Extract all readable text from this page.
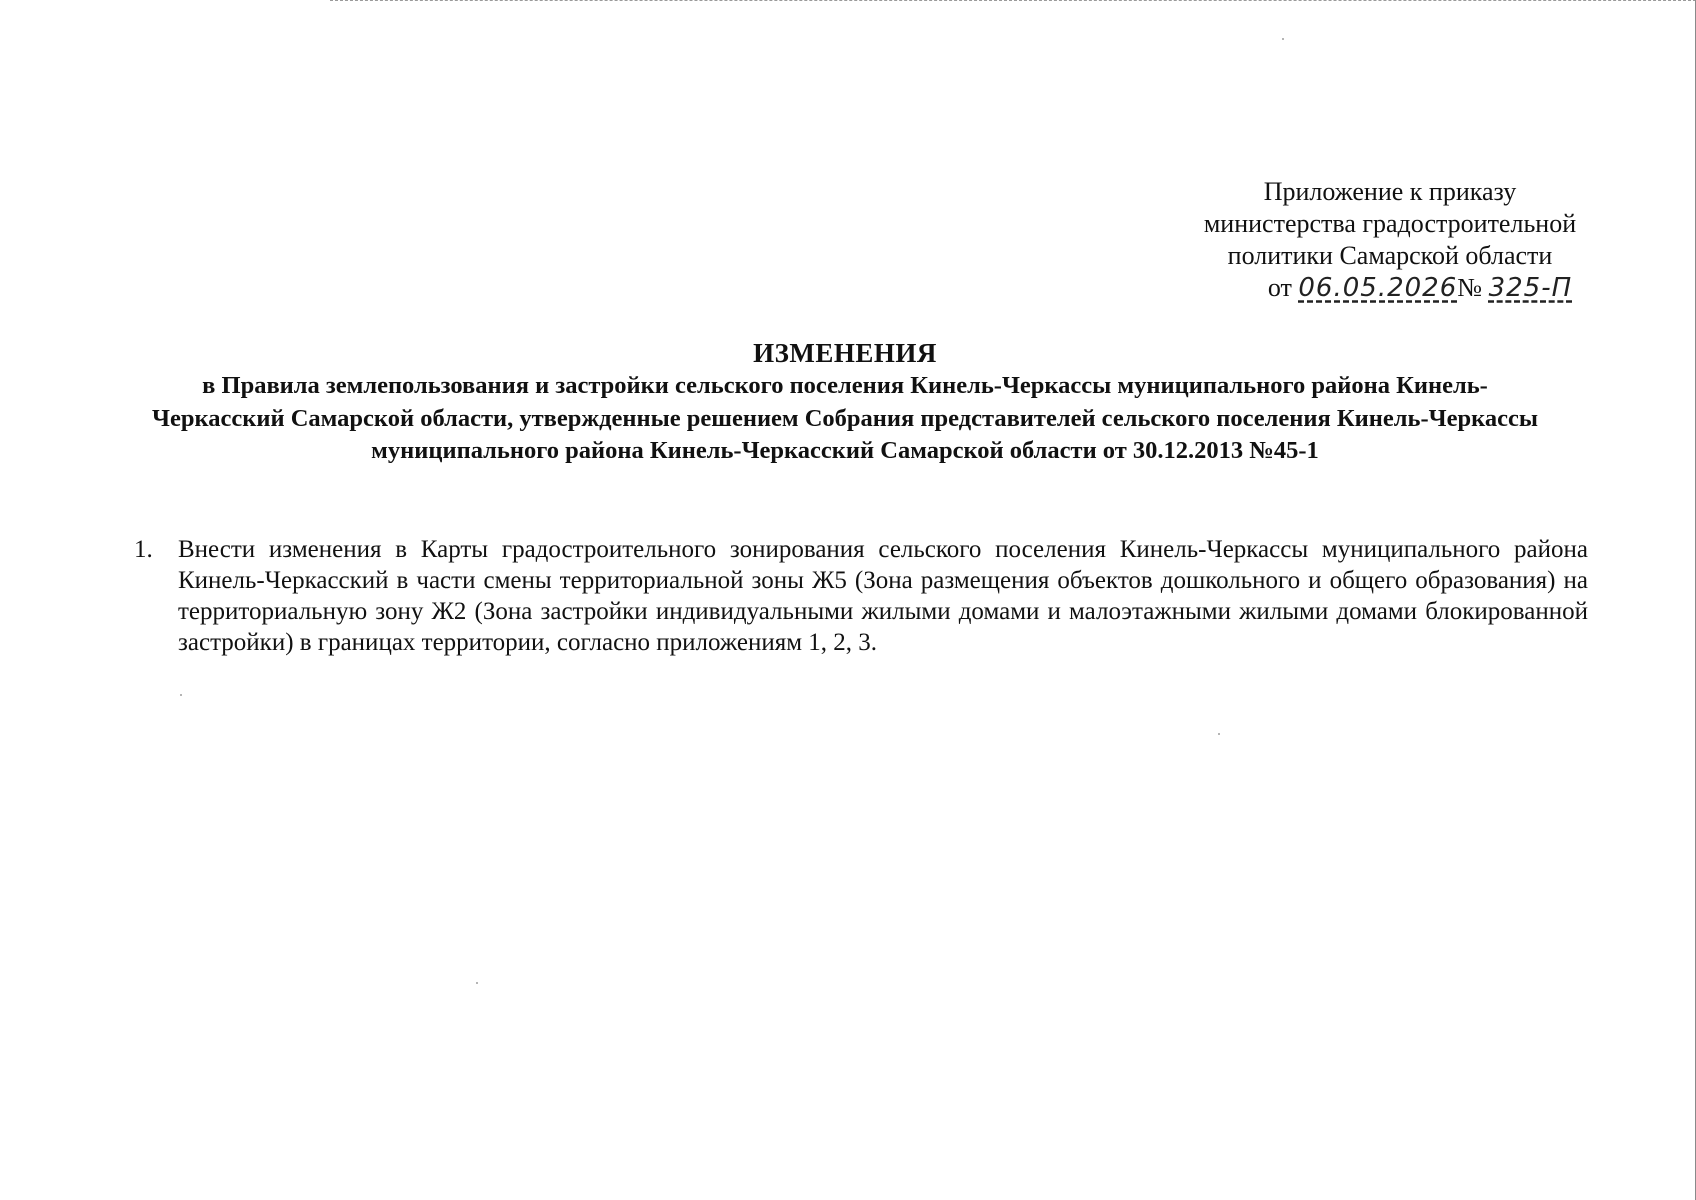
Приложение к приказу
министерства градостроительной
политики Самарской области
от 06.05.2026№ 325-П
ИЗМЕНЕНИЯ
в Правила землепользования и застройки сельского поселения Кинель-Черкассы муниципального района Кинель-Черкасский Самарской области, утвержденные решением Собрания представителей сельского поселения Кинель-Черкассы муниципального района Кинель-Черкасский Самарской области от 30.12.2013 №45-1
1.	Внести изменения в Карты градостроительного зонирования сельского поселения Кинель-Черкассы муниципального района Кинель-Черкасский в части смены территориальной зоны Ж5 (Зона размещения объектов дошкольного и общего образования) на территориальную зону Ж2 (Зона застройки индивидуальными жилыми домами и малоэтажными жилыми домами блокированной застройки) в границах территории, согласно приложениям 1, 2, 3.
